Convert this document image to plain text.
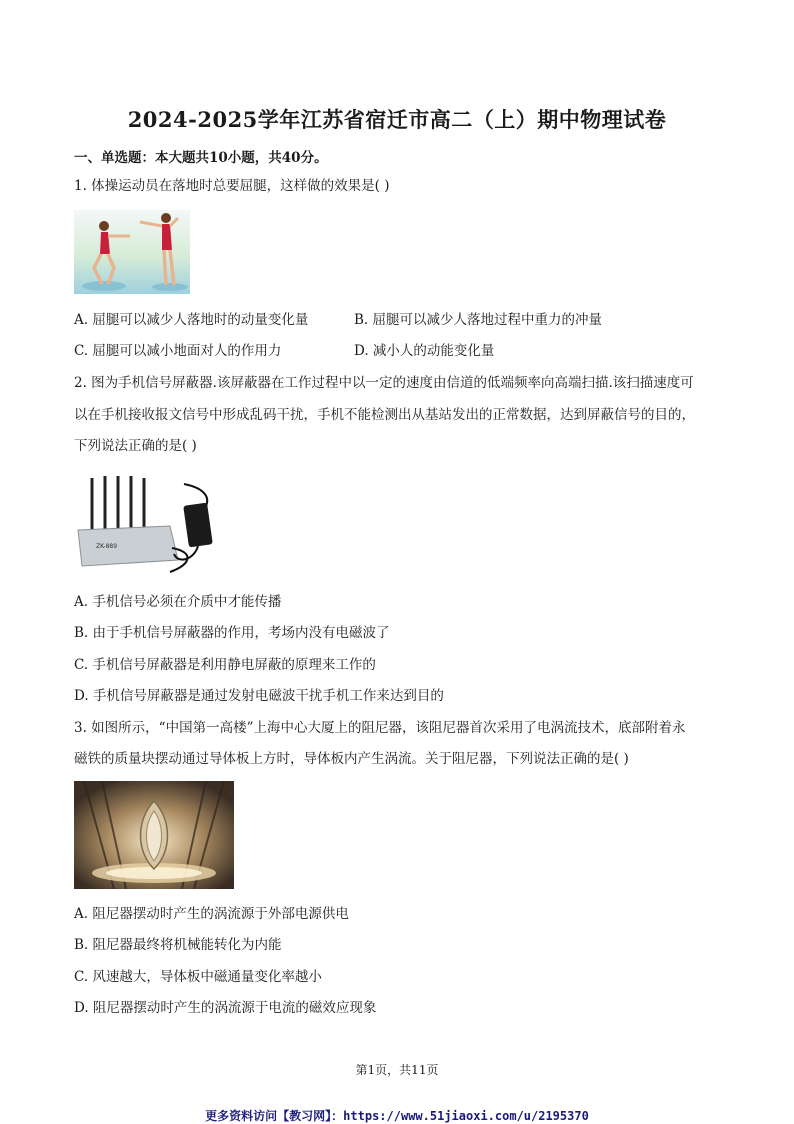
2024-2025学年江苏省宿迁市高二（上）期中物理试卷
一、单选题：本大题共10小题，共40分。
1. 体操运动员在落地时总要屈腿，这样做的效果是( )
A. 屈腿可以减少人落地时的动量变化量	B. 屈腿可以减少人落地过程中重力的冲量
C. 屈腿可以减小地面对人的作用力	D. 减小人的动能变化量
2. 图为手机信号屏蔽器.该屏蔽器在工作过程中以一定的速度由信道的低端频率向高端扫描.该扫描速度可
以在手机接收报文信号中形成乱码干扰，手机不能检测出从基站发出的正常数据，达到屏蔽信号的目的，
下列说法正确的是( )
ZK-889
A. 手机信号必须在介质中才能传播
B. 由于手机信号屏蔽器的作用，考场内没有电磁波了
C. 手机信号屏蔽器是利用静电屏蔽的原理来工作的
D. 手机信号屏蔽器是通过发射电磁波干扰手机工作来达到目的
3. 如图所示，“中国第一高楼”上海中心大厦上的阻尼器，该阻尼器首次采用了电涡流技术，底部附着永
磁铁的质量块摆动通过导体板上方时，导体板内产生涡流。关于阻尼器，下列说法正确的是( )
A. 阻尼器摆动时产生的涡流源于外部电源供电
B. 阻尼器最终将机械能转化为内能
C. 风速越大，导体板中磁通量变化率越小
D. 阻尼器摆动时产生的涡流源于电流的磁效应现象
第1页，共11页
更多资料访问【教习网】：https://www.51jiaoxi.com/u/2195370
